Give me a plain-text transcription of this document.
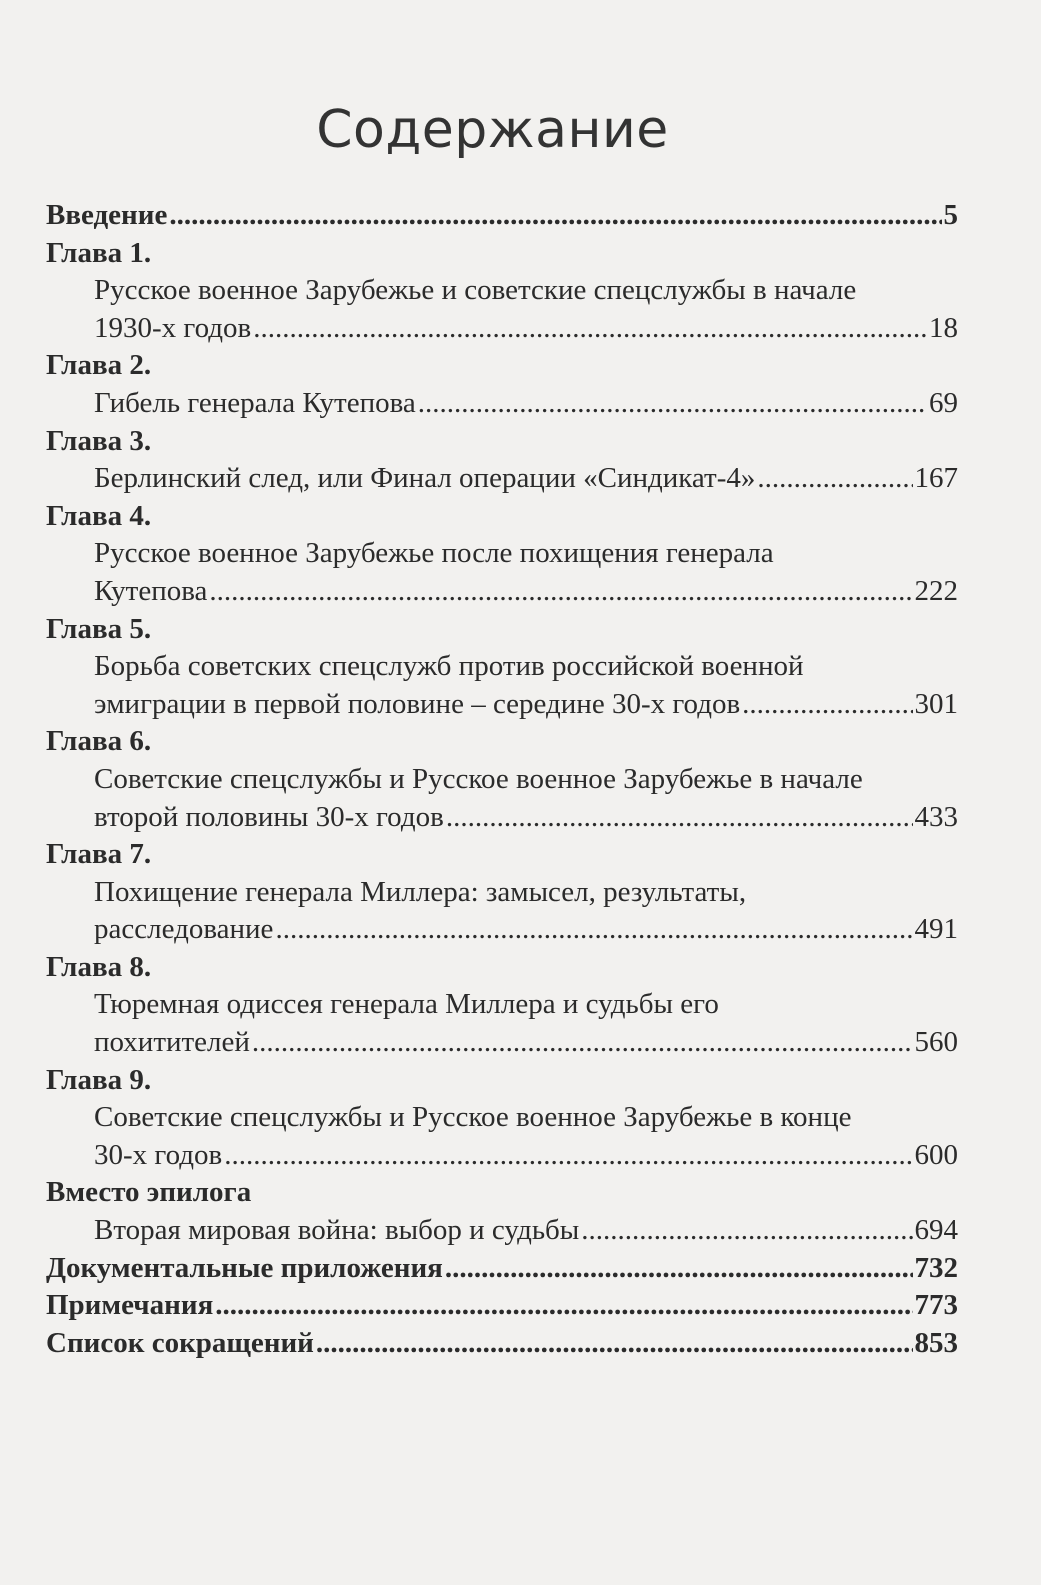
Содержание
Введение .....	5
Глава 1.
Русское военное Зарубежье и советские спецслужбы в начале
1930-х годов .....	18
Глава 2.
Гибель генерала Кутепова .....	69
Глава 3.
Берлинский след, или Финал операции «Синдикат-4» .....	167
Глава 4.
Русское военное Зарубежье после похищения генерала
Кутепова .....	222
Глава 5.
Борьба советских спецслужб против российской военной
эмиграции в первой половине – середине 30-х годов .....	301
Глава 6.
Советские спецслужбы и Русское военное Зарубежье в начале
второй половины 30-х годов .....	433
Глава 7.
Похищение генерала Миллера: замысел, результаты,
расследование .....	491
Глава 8.
Тюремная одиссея генерала Миллера и судьбы его
похитителей .....	560
Глава 9.
Советские спецслужбы и Русское военное Зарубежье в конце
30-х годов .....	600
Вместо эпилога
Вторая мировая война: выбор и судьбы .....	694
Документальные приложения .....	732
Примечания .....	773
Список сокращений .....	853
